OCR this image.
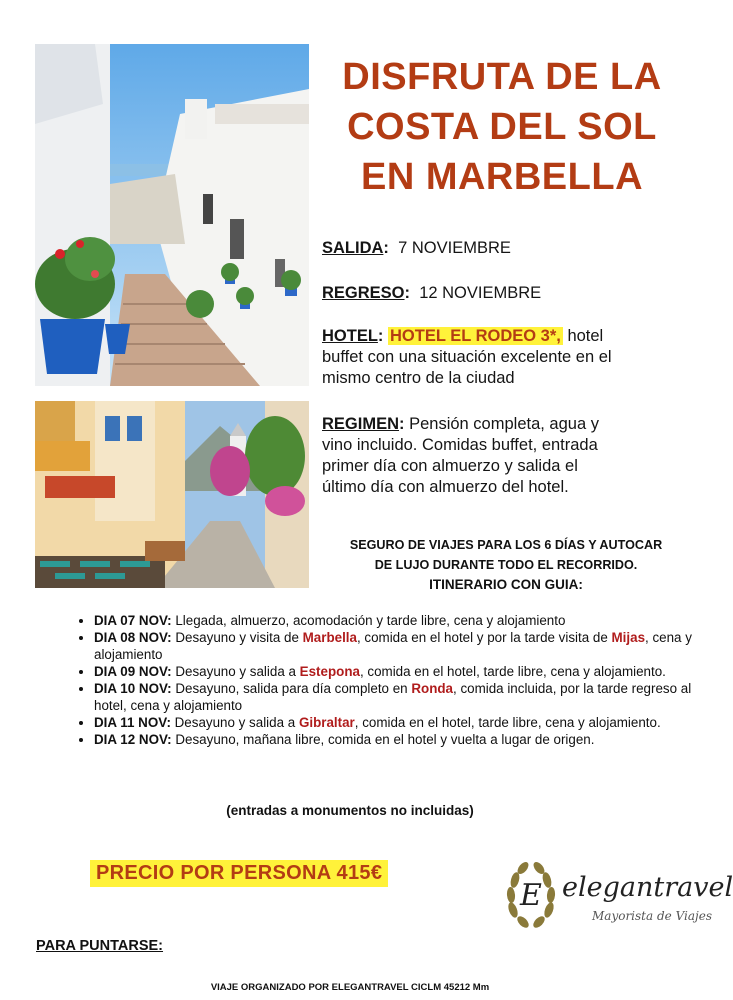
DISFRUTA DE LA
COSTA DEL SOL
EN MARBELLA
SALIDA: 7 NOVIEMBRE
REGRESO: 12 NOVIEMBRE
HOTEL: HOTEL EL RODEO 3*, hotel
buffet con una situación excelente en el
mismo centro de la ciudad
REGIMEN: Pensión completa, agua y
vino incluido. Comidas buffet, entrada
primer día con almuerzo y salida el
último día con almuerzo del hotel.
SEGURO DE VIAJES PARA LOS 6 DÍAS Y AUTOCAR
DE LUJO DURANTE TODO EL RECORRIDO.
ITINERARIO CON GUIA:
• DIA 07 NOV: Llegada, almuerzo, acomodación y tarde libre, cena y alojamiento
• DIA 08 NOV: Desayuno y visita de Marbella, comida en el hotel y por la tarde visita de Mijas, cena y alojamiento
• DIA 09 NOV: Desayuno y salida a Estepona, comida en el hotel, tarde libre, cena y alojamiento.
• DIA 10 NOV: Desayuno, salida para día completo en Ronda, comida incluida, por la tarde regreso al hotel, cena y alojamiento
• DIA 11 NOV: Desayuno y salida a Gibraltar, comida en el hotel, tarde libre, cena y alojamiento.
• DIA 12 NOV: Desayuno, mañana libre, comida en el hotel y vuelta a lugar de origen.
(entradas a monumentos no incluidas)
PRECIO POR PERSONA 415€
E elegantravel
Mayorista de Viajes
PARA PUNTARSE:
VIAJE ORGANIZADO POR ELEGANTRAVEL CICLM 45212 Mm
